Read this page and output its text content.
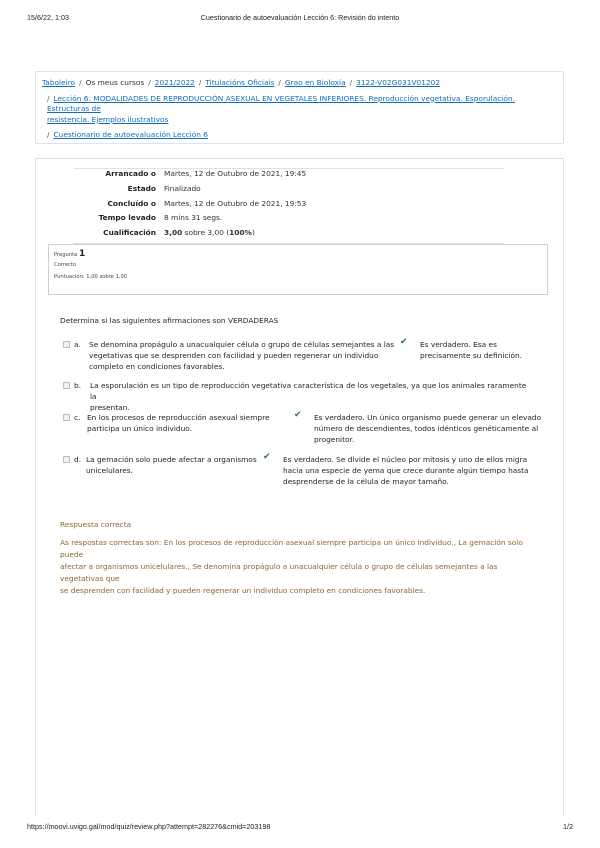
15/6/22, 1:03	Cuestionario de autoevaluación Lección 6: Revisión do intento
Taboleiro / Os meus cursos / 2021/2022 / Titulacións Oficiais / Grao en Bioloxía / 3122-V02G031V01202
/ Lección 6: MODALIDADES DE REPRODUCCIÓN ASEXUAL EN VEGETALES INFERIORES. Reproducción vegetativa. Esporulación. Estructuras de
resistencia. Ejemplos ilustrativos
/ Cuestionario de autoevaluación Lección 6
Arrancado o	Martes, 12 de Outubro de 2021, 19:45
Estado	Finalizado
Concluído o	Martes, 12 de Outubro de 2021, 19:53
Tempo levado	8 mins 31 segs.
Cualificación	3,00 sobre 3,00 (100%)
Pregunta 1
Correcto
Puntuación: 1,00 sobre 1,00
Determina si las siguientes afirmaciones son VERDADERAS
a. Se denomina propágulo a unacualquier célula o grupo de células semejantes a las
vegetativas que se desprenden con facilidad y pueden regenerar un individuo
completo en condiciones favorables.
✔ Es verdadero. Esa es
precisamente su definición.
b. La esporulación es un tipo de reproducción vegetativa característica de los vegetales, ya que los animales raramente la
presentan.
c. En los procesos de reproducción asexual siempre
participa un único individuo.
✔ Es verdadero. Un único organismo puede generar un elevado
número de descendientes, todos idénticos genéticamente al
progenitor.
d. La gemación solo puede afectar a organismos
unicelulares.
✔ Es verdadero. Se divide el núcleo por mitosis y uno de ellos migra
hacia una especie de yema que crece durante algún tiempo hasta
desprenderse de la célula de mayor tamaño.
Respuesta correcta
As respostas correctas son: En los procesos de reproducción asexual siempre participa un único individuo., La gemación solo puede
afectar a organismos unicelulares., Se denomina propágulo a unacualquier célula o grupo de células semejantes a las vegetativas que
se desprenden con facilidad y pueden regenerar un individuo completo en condiciones favorables.
https://moovi.uvigo.gal/mod/quiz/review.php?attempt=282276&cmid=203198	1/2
